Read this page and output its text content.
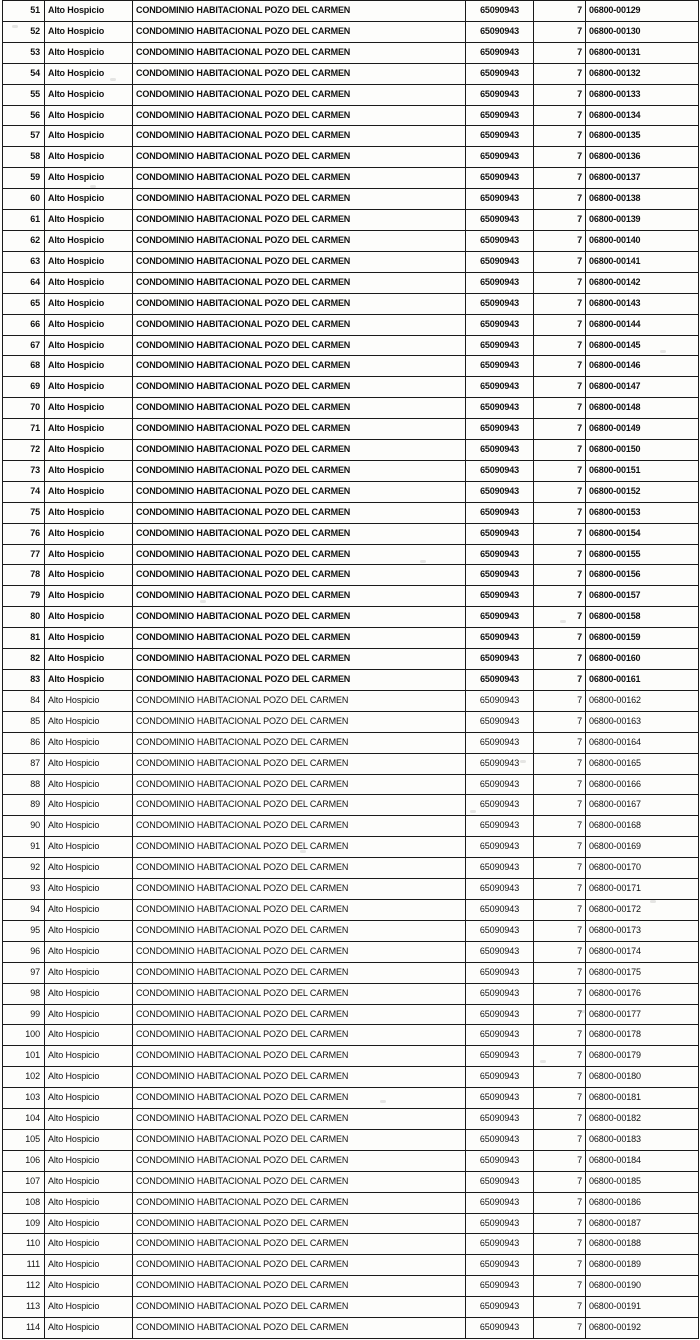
51	Alto Hospicio	CONDOMINIO HABITACIONAL POZO DEL CARMEN	65090943	7	06800-00129
52	Alto Hospicio	CONDOMINIO HABITACIONAL POZO DEL CARMEN	65090943	7	06800-00130
53	Alto Hospicio	CONDOMINIO HABITACIONAL POZO DEL CARMEN	65090943	7	06800-00131
54	Alto Hospicio	CONDOMINIO HABITACIONAL POZO DEL CARMEN	65090943	7	06800-00132
55	Alto Hospicio	CONDOMINIO HABITACIONAL POZO DEL CARMEN	65090943	7	06800-00133
56	Alto Hospicio	CONDOMINIO HABITACIONAL POZO DEL CARMEN	65090943	7	06800-00134
57	Alto Hospicio	CONDOMINIO HABITACIONAL POZO DEL CARMEN	65090943	7	06800-00135
58	Alto Hospicio	CONDOMINIO HABITACIONAL POZO DEL CARMEN	65090943	7	06800-00136
59	Alto Hospicio	CONDOMINIO HABITACIONAL POZO DEL CARMEN	65090943	7	06800-00137
60	Alto Hospicio	CONDOMINIO HABITACIONAL POZO DEL CARMEN	65090943	7	06800-00138
61	Alto Hospicio	CONDOMINIO HABITACIONAL POZO DEL CARMEN	65090943	7	06800-00139
62	Alto Hospicio	CONDOMINIO HABITACIONAL POZO DEL CARMEN	65090943	7	06800-00140
63	Alto Hospicio	CONDOMINIO HABITACIONAL POZO DEL CARMEN	65090943	7	06800-00141
64	Alto Hospicio	CONDOMINIO HABITACIONAL POZO DEL CARMEN	65090943	7	06800-00142
65	Alto Hospicio	CONDOMINIO HABITACIONAL POZO DEL CARMEN	65090943	7	06800-00143
66	Alto Hospicio	CONDOMINIO HABITACIONAL POZO DEL CARMEN	65090943	7	06800-00144
67	Alto Hospicio	CONDOMINIO HABITACIONAL POZO DEL CARMEN	65090943	7	06800-00145
68	Alto Hospicio	CONDOMINIO HABITACIONAL POZO DEL CARMEN	65090943	7	06800-00146
69	Alto Hospicio	CONDOMINIO HABITACIONAL POZO DEL CARMEN	65090943	7	06800-00147
70	Alto Hospicio	CONDOMINIO HABITACIONAL POZO DEL CARMEN	65090943	7	06800-00148
71	Alto Hospicio	CONDOMINIO HABITACIONAL POZO DEL CARMEN	65090943	7	06800-00149
72	Alto Hospicio	CONDOMINIO HABITACIONAL POZO DEL CARMEN	65090943	7	06800-00150
73	Alto Hospicio	CONDOMINIO HABITACIONAL POZO DEL CARMEN	65090943	7	06800-00151
74	Alto Hospicio	CONDOMINIO HABITACIONAL POZO DEL CARMEN	65090943	7	06800-00152
75	Alto Hospicio	CONDOMINIO HABITACIONAL POZO DEL CARMEN	65090943	7	06800-00153
76	Alto Hospicio	CONDOMINIO HABITACIONAL POZO DEL CARMEN	65090943	7	06800-00154
77	Alto Hospicio	CONDOMINIO HABITACIONAL POZO DEL CARMEN	65090943	7	06800-00155
78	Alto Hospicio	CONDOMINIO HABITACIONAL POZO DEL CARMEN	65090943	7	06800-00156
79	Alto Hospicio	CONDOMINIO HABITACIONAL POZO DEL CARMEN	65090943	7	06800-00157
80	Alto Hospicio	CONDOMINIO HABITACIONAL POZO DEL CARMEN	65090943	7	06800-00158
81	Alto Hospicio	CONDOMINIO HABITACIONAL POZO DEL CARMEN	65090943	7	06800-00159
82	Alto Hospicio	CONDOMINIO HABITACIONAL POZO DEL CARMEN	65090943	7	06800-00160
83	Alto Hospicio	CONDOMINIO HABITACIONAL POZO DEL CARMEN	65090943	7	06800-00161
84	Alto Hospicio	CONDOMINIO HABITACIONAL POZO DEL CARMEN	65090943	7	06800-00162
85	Alto Hospicio	CONDOMINIO HABITACIONAL POZO DEL CARMEN	65090943	7	06800-00163
86	Alto Hospicio	CONDOMINIO HABITACIONAL POZO DEL CARMEN	65090943	7	06800-00164
87	Alto Hospicio	CONDOMINIO HABITACIONAL POZO DEL CARMEN	65090943	7	06800-00165
88	Alto Hospicio	CONDOMINIO HABITACIONAL POZO DEL CARMEN	65090943	7	06800-00166
89	Alto Hospicio	CONDOMINIO HABITACIONAL POZO DEL CARMEN	65090943	7	06800-00167
90	Alto Hospicio	CONDOMINIO HABITACIONAL POZO DEL CARMEN	65090943	7	06800-00168
91	Alto Hospicio	CONDOMINIO HABITACIONAL POZO DEL CARMEN	65090943	7	06800-00169
92	Alto Hospicio	CONDOMINIO HABITACIONAL POZO DEL CARMEN	65090943	7	06800-00170
93	Alto Hospicio	CONDOMINIO HABITACIONAL POZO DEL CARMEN	65090943	7	06800-00171
94	Alto Hospicio	CONDOMINIO HABITACIONAL POZO DEL CARMEN	65090943	7	06800-00172
95	Alto Hospicio	CONDOMINIO HABITACIONAL POZO DEL CARMEN	65090943	7	06800-00173
96	Alto Hospicio	CONDOMINIO HABITACIONAL POZO DEL CARMEN	65090943	7	06800-00174
97	Alto Hospicio	CONDOMINIO HABITACIONAL POZO DEL CARMEN	65090943	7	06800-00175
98	Alto Hospicio	CONDOMINIO HABITACIONAL POZO DEL CARMEN	65090943	7	06800-00176
99	Alto Hospicio	CONDOMINIO HABITACIONAL POZO DEL CARMEN	65090943	7	06800-00177
100	Alto Hospicio	CONDOMINIO HABITACIONAL POZO DEL CARMEN	65090943	7	06800-00178
101	Alto Hospicio	CONDOMINIO HABITACIONAL POZO DEL CARMEN	65090943	7	06800-00179
102	Alto Hospicio	CONDOMINIO HABITACIONAL POZO DEL CARMEN	65090943	7	06800-00180
103	Alto Hospicio	CONDOMINIO HABITACIONAL POZO DEL CARMEN	65090943	7	06800-00181
104	Alto Hospicio	CONDOMINIO HABITACIONAL POZO DEL CARMEN	65090943	7	06800-00182
105	Alto Hospicio	CONDOMINIO HABITACIONAL POZO DEL CARMEN	65090943	7	06800-00183
106	Alto Hospicio	CONDOMINIO HABITACIONAL POZO DEL CARMEN	65090943	7	06800-00184
107	Alto Hospicio	CONDOMINIO HABITACIONAL POZO DEL CARMEN	65090943	7	06800-00185
108	Alto Hospicio	CONDOMINIO HABITACIONAL POZO DEL CARMEN	65090943	7	06800-00186
109	Alto Hospicio	CONDOMINIO HABITACIONAL POZO DEL CARMEN	65090943	7	06800-00187
110	Alto Hospicio	CONDOMINIO HABITACIONAL POZO DEL CARMEN	65090943	7	06800-00188
111	Alto Hospicio	CONDOMINIO HABITACIONAL POZO DEL CARMEN	65090943	7	06800-00189
112	Alto Hospicio	CONDOMINIO HABITACIONAL POZO DEL CARMEN	65090943	7	06800-00190
113	Alto Hospicio	CONDOMINIO HABITACIONAL POZO DEL CARMEN	65090943	7	06800-00191
114	Alto Hospicio	CONDOMINIO HABITACIONAL POZO DEL CARMEN	65090943	7	06800-00192
